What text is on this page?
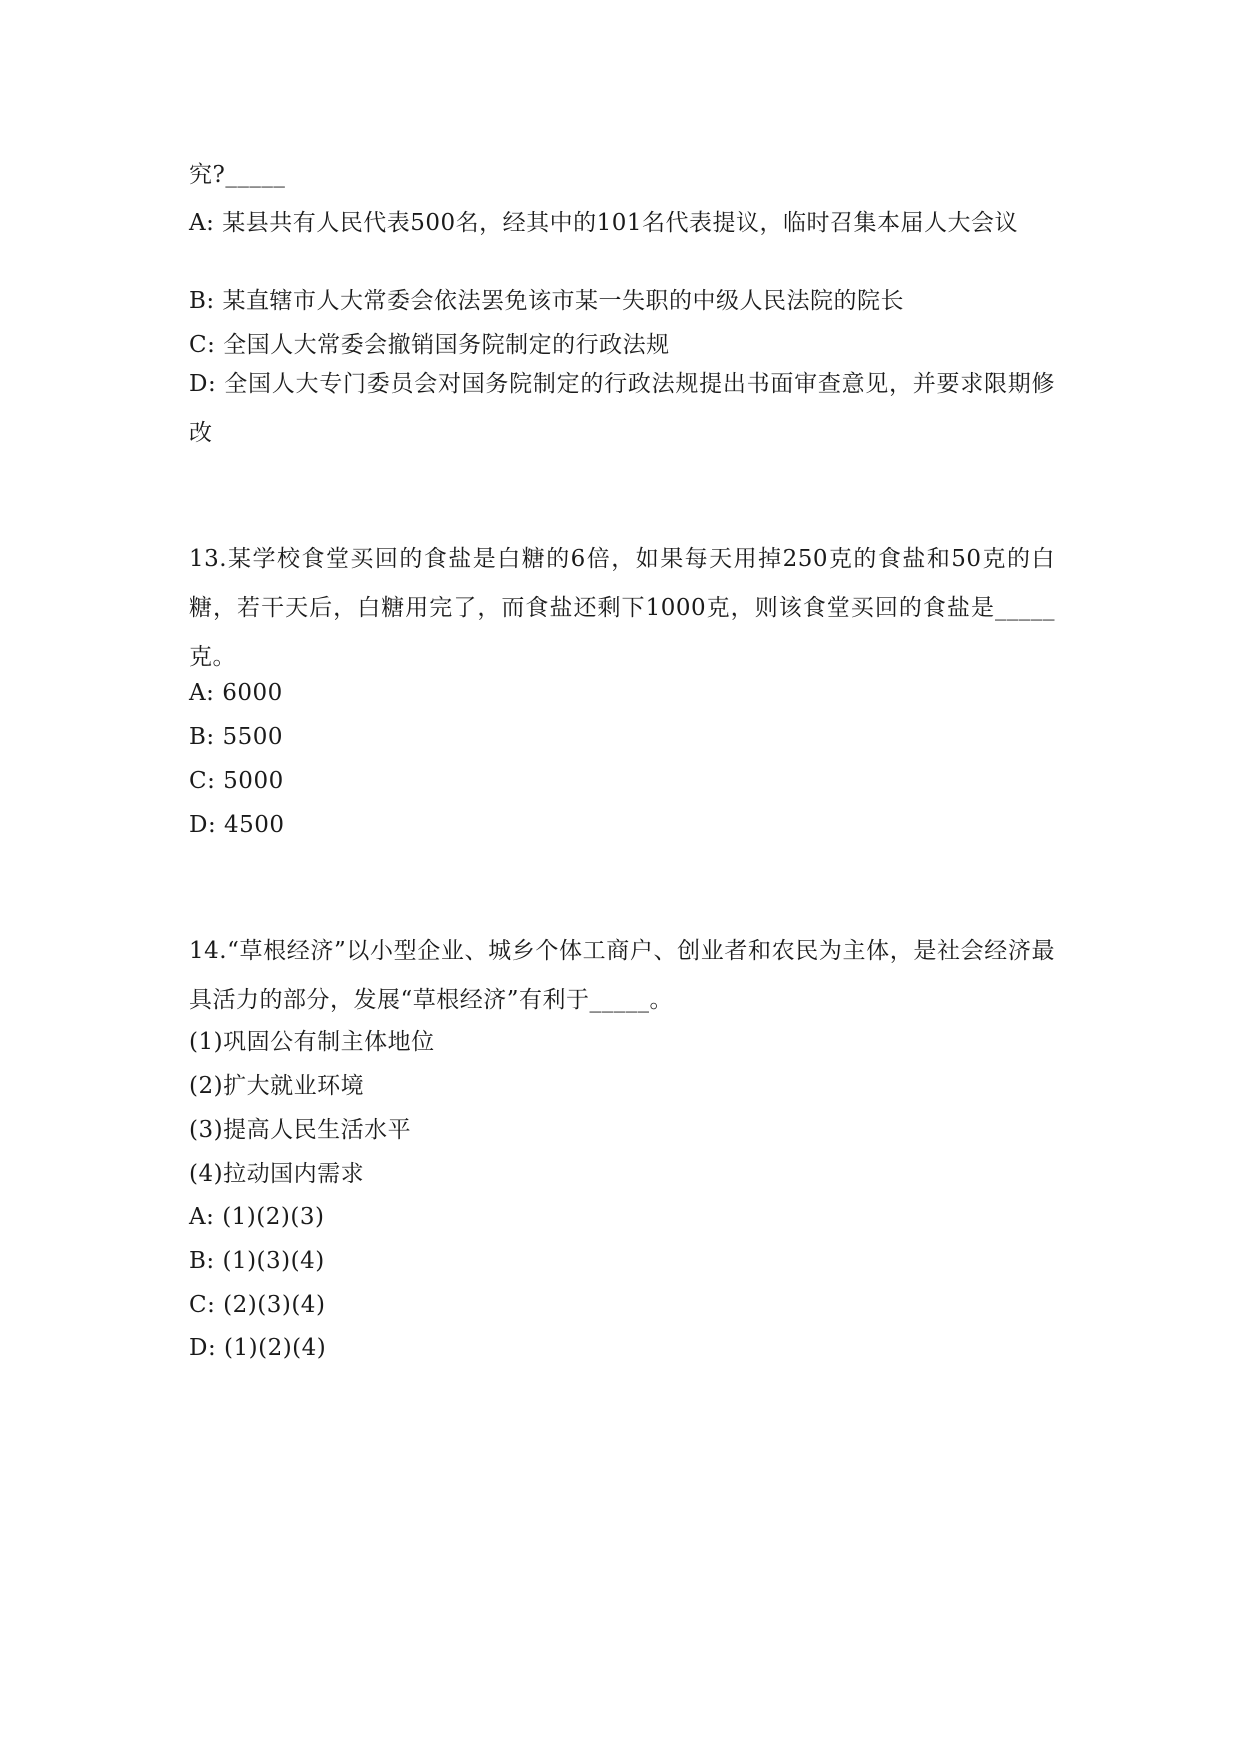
究?_____
A: 某县共有人民代表500名，经其中的101名代表提议，临时召集本届人大会议
B: 某直辖市人大常委会依法罢免该市某一失职的中级人民法院的院长
C: 全国人大常委会撤销国务院制定的行政法规
D: 全国人大专门委员会对国务院制定的行政法规提出书面审查意见，并要求限期修改
13.某学校食堂买回的食盐是白糖的6倍，如果每天用掉250克的食盐和50克的白糖，若干天后，白糖用完了，而食盐还剩下1000克，则该食堂买回的食盐是_____克。
A: 6000
B: 5500
C: 5000
D: 4500
14.“草根经济”以小型企业、城乡个体工商户、创业者和农民为主体，是社会经济最具活力的部分，发展“草根经济”有利于_____。
(1)巩固公有制主体地位
(2)扩大就业环境
(3)提高人民生活水平
(4)拉动国内需求
A: (1)(2)(3)
B: (1)(3)(4)
C: (2)(3)(4)
D: (1)(2)(4)
